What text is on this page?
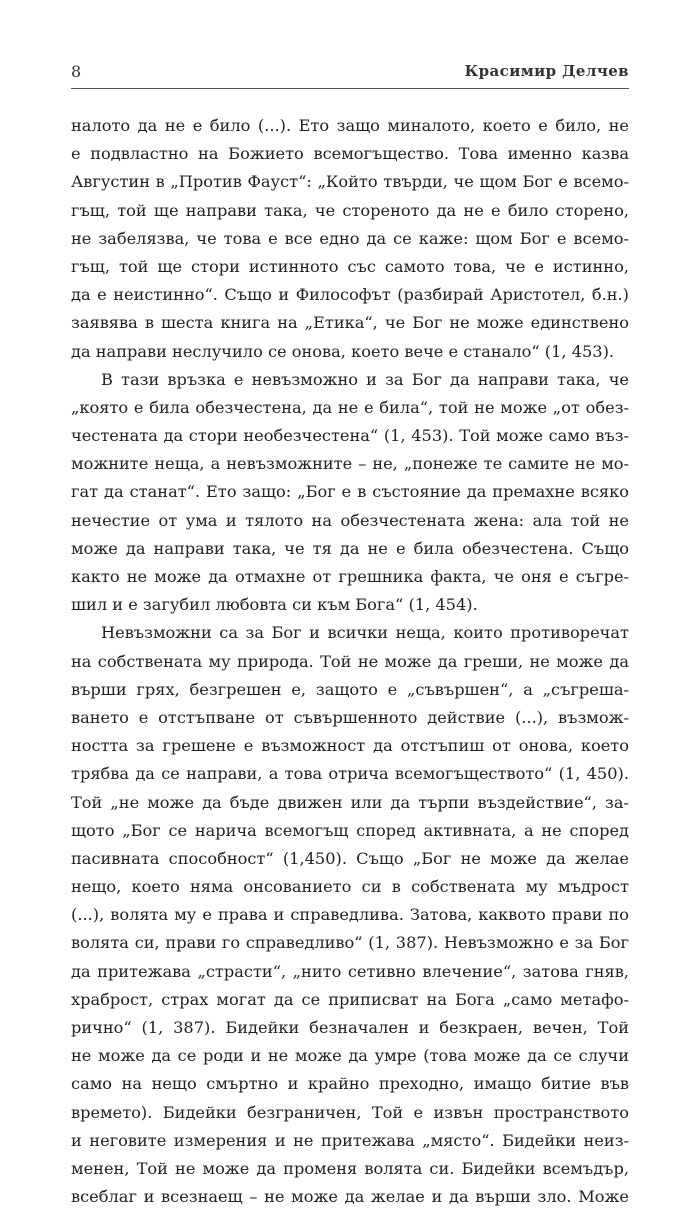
8	Красимир Делчев
налото да не е било (...). Ето защо миналото, което е било, не
е подвластно на Божието всемогъщество. Това именно казва
Августин в „Против Фауст“: „Който твърди, че щом Бог е всемо-
гъщ, той ще направи така, че стореното да не е било сторено,
не забелязва, че това е все едно да се каже: щом Бог е всемо-
гъщ, той ще стори истинното със самото това, че е истинно,
да е неистинно“. Също и Философът (разбирай Аристотел, б.н.)
заявява в шеста книга на „Етика“, че Бог не може единствено
да направи неслучило се онова, което вече е станало“ (1, 453).
В тази връзка е невъзможно и за Бог да направи така, че
„която е била обезчестена, да не е била“, той не може „от обез-
честената да стори необезчестена“ (1, 453). Той може само въз-
можните неща, а невъзможните – не, „понеже те самите не мо-
гат да станат“. Ето защо: „Бог е в състояние да премахне всяко
нечестие от ума и тялото на обезчестената жена: ала той не
може да направи така, че тя да не е била обезчестена. Също
както не може да отмахне от грешника факта, че оня е съгре-
шил и е загубил любовта си към Бога“ (1, 454).
Невъзможни са за Бог и всички неща, които противоречат
на собствената му природа. Той не може да греши, не може да
върши грях, безгрешен е, защото е „съвършен“, а „съгреша-
ването е отстъпване от съвършенното действие (...), възмож-
ността за грешене е възможност да отстъпиш от онова, което
трябва да се направи, а това отрича всемогъществото“ (1, 450).
Той „не може да бъде движен или да търпи въздействие“, за-
щото „Бог се нарича всемогъщ според активната, а не според
пасивната способност“ (1,450). Също „Бог не може да желае
нещо, което няма онсованието си в собствената му мъдрост
(...), волята му е права и справедлива. Затова, каквото прави по
волята си, прави го справедливо“ (1, 387). Невъзможно е за Бог
да притежава „страсти“, „нито сетивно влечение“, затова гняв,
храброст, страх могат да се приписват на Бога „само метафо-
рично“ (1, 387). Бидейки безначален и безкраен, вечен, Той
не може да се роди и не може да умре (това може да се случи
само на нещо смъртно и крайно преходно, имащо битие във
времето). Бидейки безграничен, Той е извън пространството
и неговите измерения и не притежава „място“. Бидейки неиз-
менен, Той не може да променя волята си. Бидейки всемъдър,
всеблаг и всезнаещ – не може да желае и да върши зло. Може
